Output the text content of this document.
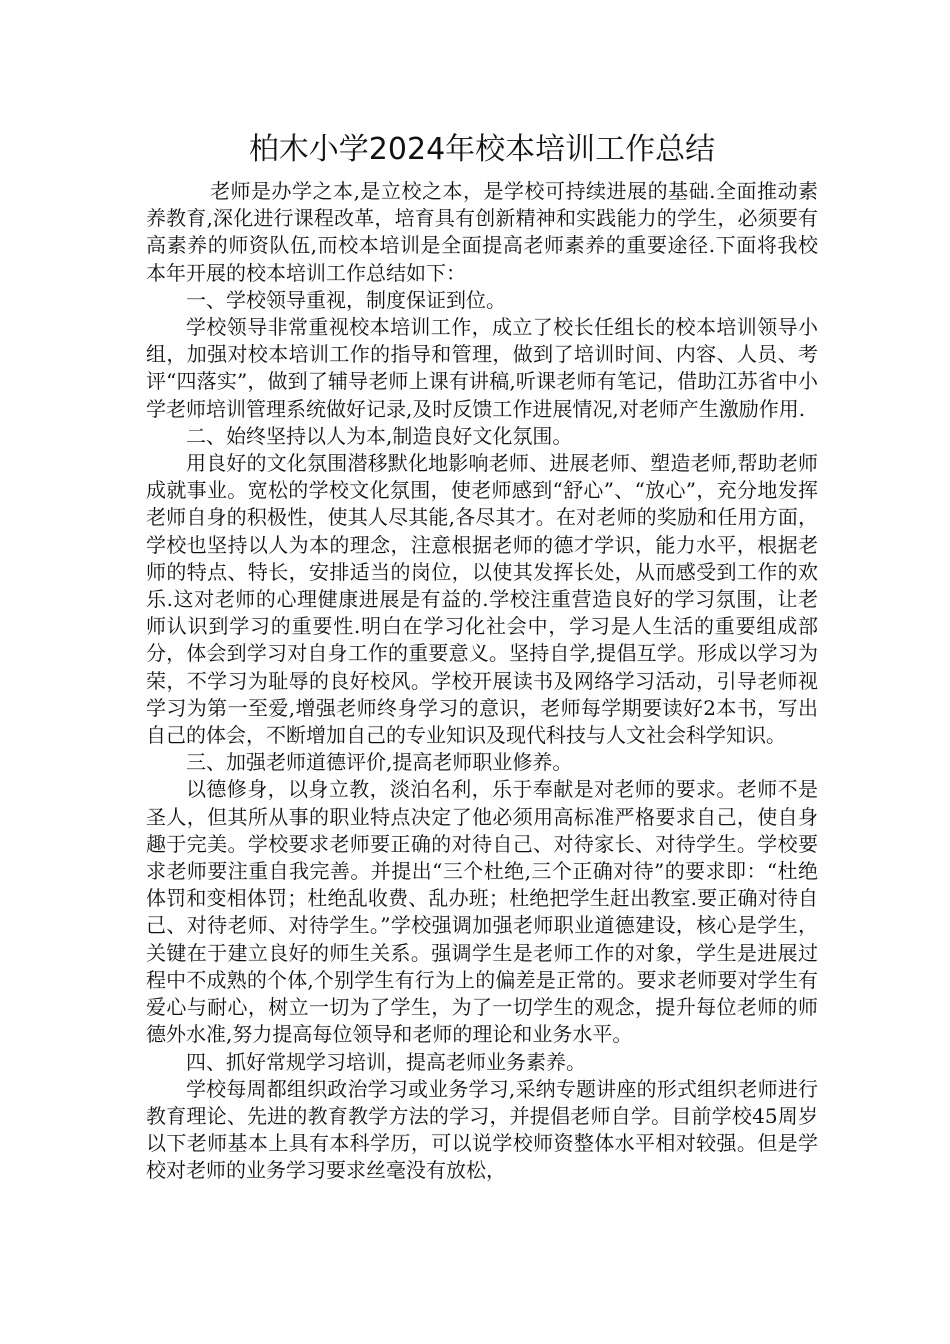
柏木小学2024年校本培训工作总结

老师是办学之本,是立校之本，是学校可持续进展的基础.全面推动素养教育,深化进行课程改革，培育具有创新精神和实践能力的学生，必须要有高素养的师资队伍,而校本培训是全面提高老师素养的重要途径.下面将我校本年开展的校本培训工作总结如下：

一、学校领导重视，制度保证到位。

学校领导非常重视校本培训工作，成立了校长任组长的校本培训领导小组，加强对校本培训工作的指导和管理，做到了培训时间、内容、人员、考评“四落实”，做到了辅导老师上课有讲稿,听课老师有笔记，借助江苏省中小学老师培训管理系统做好记录,及时反馈工作进展情况,对老师产生激励作用.

二、始终坚持以人为本,制造良好文化氛围。

用良好的文化氛围潜移默化地影响老师、进展老师、塑造老师,帮助老师成就事业。宽松的学校文化氛围，使老师感到“舒心”、“放心”，充分地发挥老师自身的积极性，使其人尽其能,各尽其才。在对老师的奖励和任用方面，学校也坚持以人为本的理念，注意根据老师的德才学识，能力水平，根据老师的特点、特长，安排适当的岗位，以使其发挥长处，从而感受到工作的欢乐.这对老师的心理健康进展是有益的.学校注重营造良好的学习氛围，让老师认识到学习的重要性.明白在学习化社会中，学习是人生活的重要组成部分，体会到学习对自身工作的重要意义。坚持自学,提倡互学。形成以学习为荣，不学习为耻辱的良好校风。学校开展读书及网络学习活动，引导老师视学习为第一至爱,增强老师终身学习的意识，老师每学期要读好2本书，写出自己的体会，不断增加自己的专业知识及现代科技与人文社会科学知识。

三、加强老师道德评价,提高老师职业修养。

以德修身，以身立教，淡泊名利，乐于奉献是对老师的要求。老师不是圣人，但其所从事的职业特点决定了他必须用高标准严格要求自己，使自身趣于完美。学校要求老师要正确的对待自己、对待家长、对待学生。学校要求老师要注重自我完善。并提出“三个杜绝,三个正确对待”的要求即：“杜绝体罚和变相体罚；杜绝乱收费、乱办班；杜绝把学生赶出教室.要正确对待自己、对待老师、对待学生。”学校强调加强老师职业道德建设，核心是学生，关键在于建立良好的师生关系。强调学生是老师工作的对象，学生是进展过程中不成熟的个体,个别学生有行为上的偏差是正常的。要求老师要对学生有爱心与耐心，树立一切为了学生，为了一切学生的观念，提升每位老师的师德外水准,努力提高每位领导和老师的理论和业务水平。

四、抓好常规学习培训，提高老师业务素养。

学校每周都组织政治学习或业务学习,采纳专题讲座的形式组织老师进行教育理论、先进的教育教学方法的学习，并提倡老师自学。目前学校45周岁以下老师基本上具有本科学历，可以说学校师资整体水平相对较强。但是学校对老师的业务学习要求丝毫没有放松，
